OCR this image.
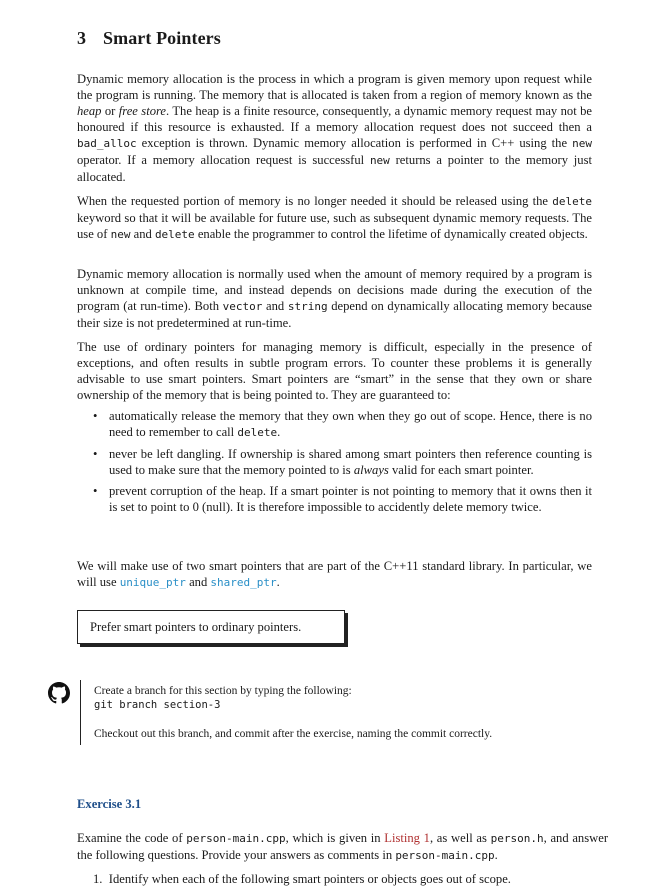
3 Smart Pointers

Dynamic memory allocation is the process in which a program is given memory upon request while the program is running. The memory that is allocated is taken from a region of memory known as the heap or free store. The heap is a finite resource, consequently, a dynamic memory request may not be honoured if this resource is exhausted. If a memory allocation request does not succeed then a bad_alloc exception is thrown. Dynamic memory allocation is performed in C++ using the new operator. If a memory allocation request is successful new returns a pointer to the memory just allocated.

When the requested portion of memory is no longer needed it should be released using the delete keyword so that it will be available for future use, such as subsequent dynamic memory requests. The use of new and delete enable the programmer to control the lifetime of dynamically created objects.

Dynamic memory allocation is normally used when the amount of memory required by a program is unknown at compile time, and instead depends on decisions made during the execution of the program (at run-time). Both vector and string depend on dynamically allocating memory because their size is not predetermined at run-time.

The use of ordinary pointers for managing memory is difficult, especially in the presence of exceptions, and often results in subtle program errors. To counter these problems it is generally advisable to use smart pointers. Smart pointers are “smart” in the sense that they own or share ownership of the memory that is being pointed to. They are guaranteed to:

• automatically release the memory that they own when they go out of scope. Hence, there is no need to remember to call delete.
• never be left dangling. If ownership is shared among smart pointers then reference counting is used to make sure that the memory pointed to is always valid for each smart pointer.
• prevent corruption of the heap. If a smart pointer is not pointing to memory that it owns then it is set to point to 0 (null). It is therefore impossible to accidently delete memory twice.

We will make use of two smart pointers that are part of the C++11 standard library. In particular, we will use unique_ptr and shared_ptr.

Prefer smart pointers to ordinary pointers.
Create a branch for this section by typing the following:
git branch section-3
Checkout out this branch, and commit after the exercise, naming the commit correctly.
Exercise 3.1

Examine the code of person-main.cpp, which is given in Listing 1, as well as person.h, and answer the following questions. Provide your answers as comments in person-main.cpp.

1. Identify when each of the following smart pointers or objects goes out of scope.
